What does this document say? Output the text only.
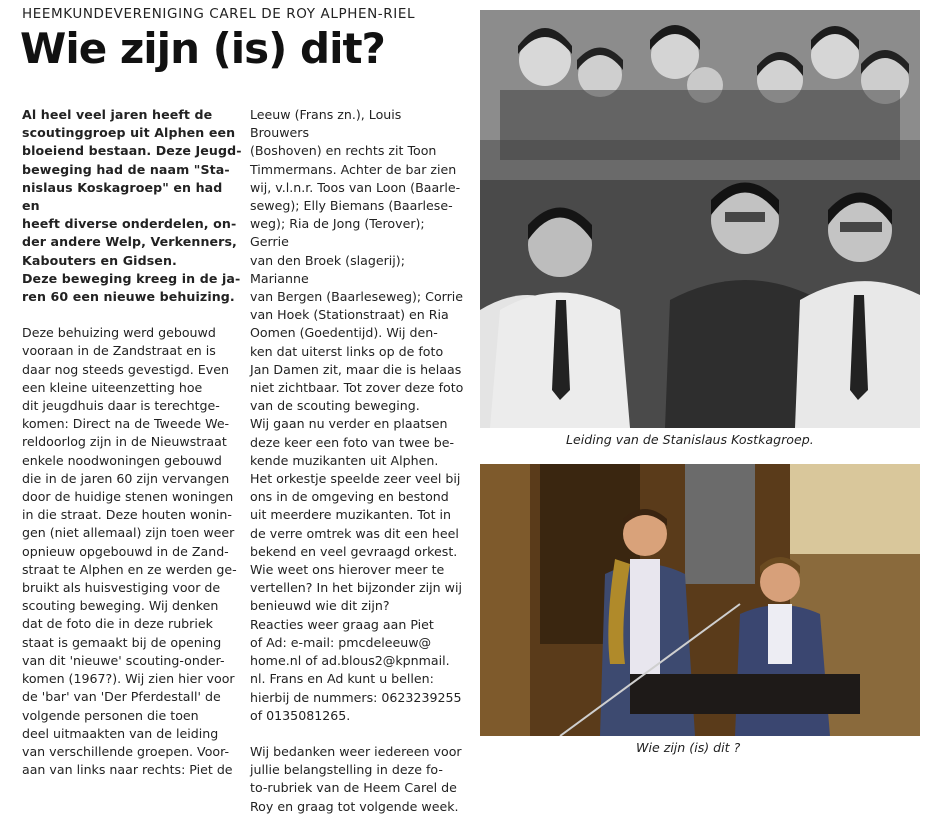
HEEMKUNDEVERENIGING CAREL DE ROY ALPHEN-RIEL
Wie zijn (is) dit?

Al heel veel jaren heeft de
scoutinggroep uit Alphen een
bloeiend bestaan. Deze Jeugd-
beweging had de naam "Sta-
nislaus Koskagroep" en had en
heeft diverse onderdelen, on-
der andere Welp, Verkenners,
Kabouters en Gidsen.
Deze beweging kreeg in de ja-
ren 60 een nieuwe behuizing.

Deze behuizing werd gebouwd
vooraan in de Zandstraat en is
daar nog steeds gevestigd. Even
een kleine uiteenzetting hoe
dit jeugdhuis daar is terechtge-
komen: Direct na de Tweede We-
reldoorlog zijn in de Nieuwstraat
enkele noodwoningen gebouwd
die in de jaren 60 zijn vervangen
door de huidige stenen woningen
in die straat. Deze houten wonin-
gen (niet allemaal) zijn toen weer
opnieuw opgebouwd in de Zand-
straat te Alphen en ze werden ge-
bruikt als huisvestiging voor de
scouting beweging. Wij denken
dat de foto die in deze rubriek
staat is gemaakt bij de opening
van dit 'nieuwe' scouting-onder-
komen (1967?). Wij zien hier voor
de 'bar' van 'Der Pferdestall' de
volgende personen die toen
deel uitmaakten van de leiding
van verschillende groepen. Voor-
aan van links naar rechts: Piet de

Leeuw (Frans zn.), Louis Brouwers
(Boshoven) en rechts zit Toon
Timmermans. Achter de bar zien
wij, v.l.n.r. Toos van Loon (Baarle-
seweg); Elly Biemans (Baarlese-
weg); Ria de Jong (Terover); Gerrie
van den Broek (slagerij); Marianne
van Bergen (Baarleseweg); Corrie
van Hoek (Stationstraat) en Ria
Oomen (Goedentijd). Wij den-
ken dat uiterst links op de foto
Jan Damen zit, maar die is helaas
niet zichtbaar. Tot zover deze foto
van de scouting beweging.

Wij gaan nu verder en plaatsen
deze keer een foto van twee be-
kende muzikanten uit Alphen.
Het orkestje speelde zeer veel bij
ons in de omgeving en bestond
uit meerdere muzikanten. Tot in
de verre omtrek was dit een heel
bekend en veel gevraagd orkest.
Wie weet ons hierover meer te
vertellen? In het bijzonder zijn wij
benieuwd wie dit zijn?

Reacties weer graag aan Piet
of Ad: e-mail: pmcdeleeuw@
home.nl of ad.blous2@kpnmail.
nl. Frans en Ad kunt u bellen:
hierbij de nummers: 0623239255
of 0135081265.

Wij bedanken weer iedereen voor
jullie belangstelling in deze fo-
to-rubriek van de Heem Carel de
Roy en graag tot volgende week.

Leiding van de Stanislaus Kostkagroep.
Wie zijn (is) dit ?
